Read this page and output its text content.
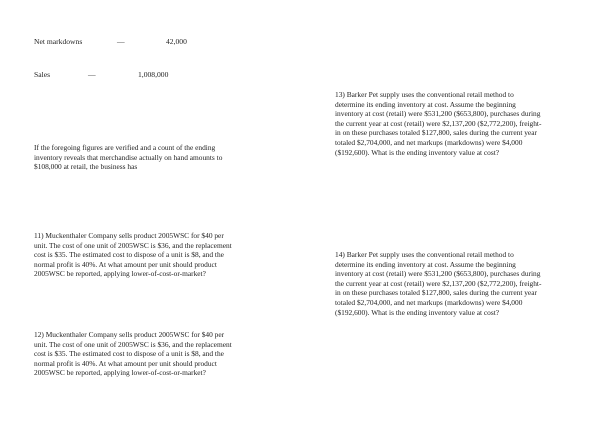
Net markdowns	—	42,000
Sales	—	1,008,000
If the foregoing figures are verified and a count of the ending
inventory reveals that merchandise actually on hand amounts to
$108,000 at retail, the business has
11) Muckenthaler Company sells product 2005WSC for $40 per
unit. The cost of one unit of 2005WSC is $36, and the replacement
cost is $35. The estimated cost to dispose of a unit is $8, and the
normal profit is 40%. At what amount per unit should product
2005WSC be reported, applying lower-of-cost-or-market?
12) Muckenthaler Company sells product 2005WSC for $40 per
unit. The cost of one unit of 2005WSC is $36, and the replacement
cost is $35. The estimated cost to dispose of a unit is $8, and the
normal profit is 40%. At what amount per unit should product
2005WSC be reported, applying lower-of-cost-or-market?
13) Barker Pet supply uses the conventional retail method to
determine its ending inventory at cost. Assume the beginning
inventory at cost (retail) were $531,200 ($653,800), purchases during
the current year at cost (retail) were $2,137,200 ($2,772,200), freight-
in on these purchases totaled $127,800, sales during the current year
totaled $2,704,000, and net markups (markdowns) were $4,000
($192,600). What is the ending inventory value at cost?
14) Barker Pet supply uses the conventional retail method to
determine its ending inventory at cost. Assume the beginning
inventory at cost (retail) were $531,200 ($653,800), purchases during
the current year at cost (retail) were $2,137,200 ($2,772,200), freight-
in on these purchases totaled $127,800, sales during the current year
totaled $2,704,000, and net markups (markdowns) were $4,000
($192,600). What is the ending inventory value at cost?
